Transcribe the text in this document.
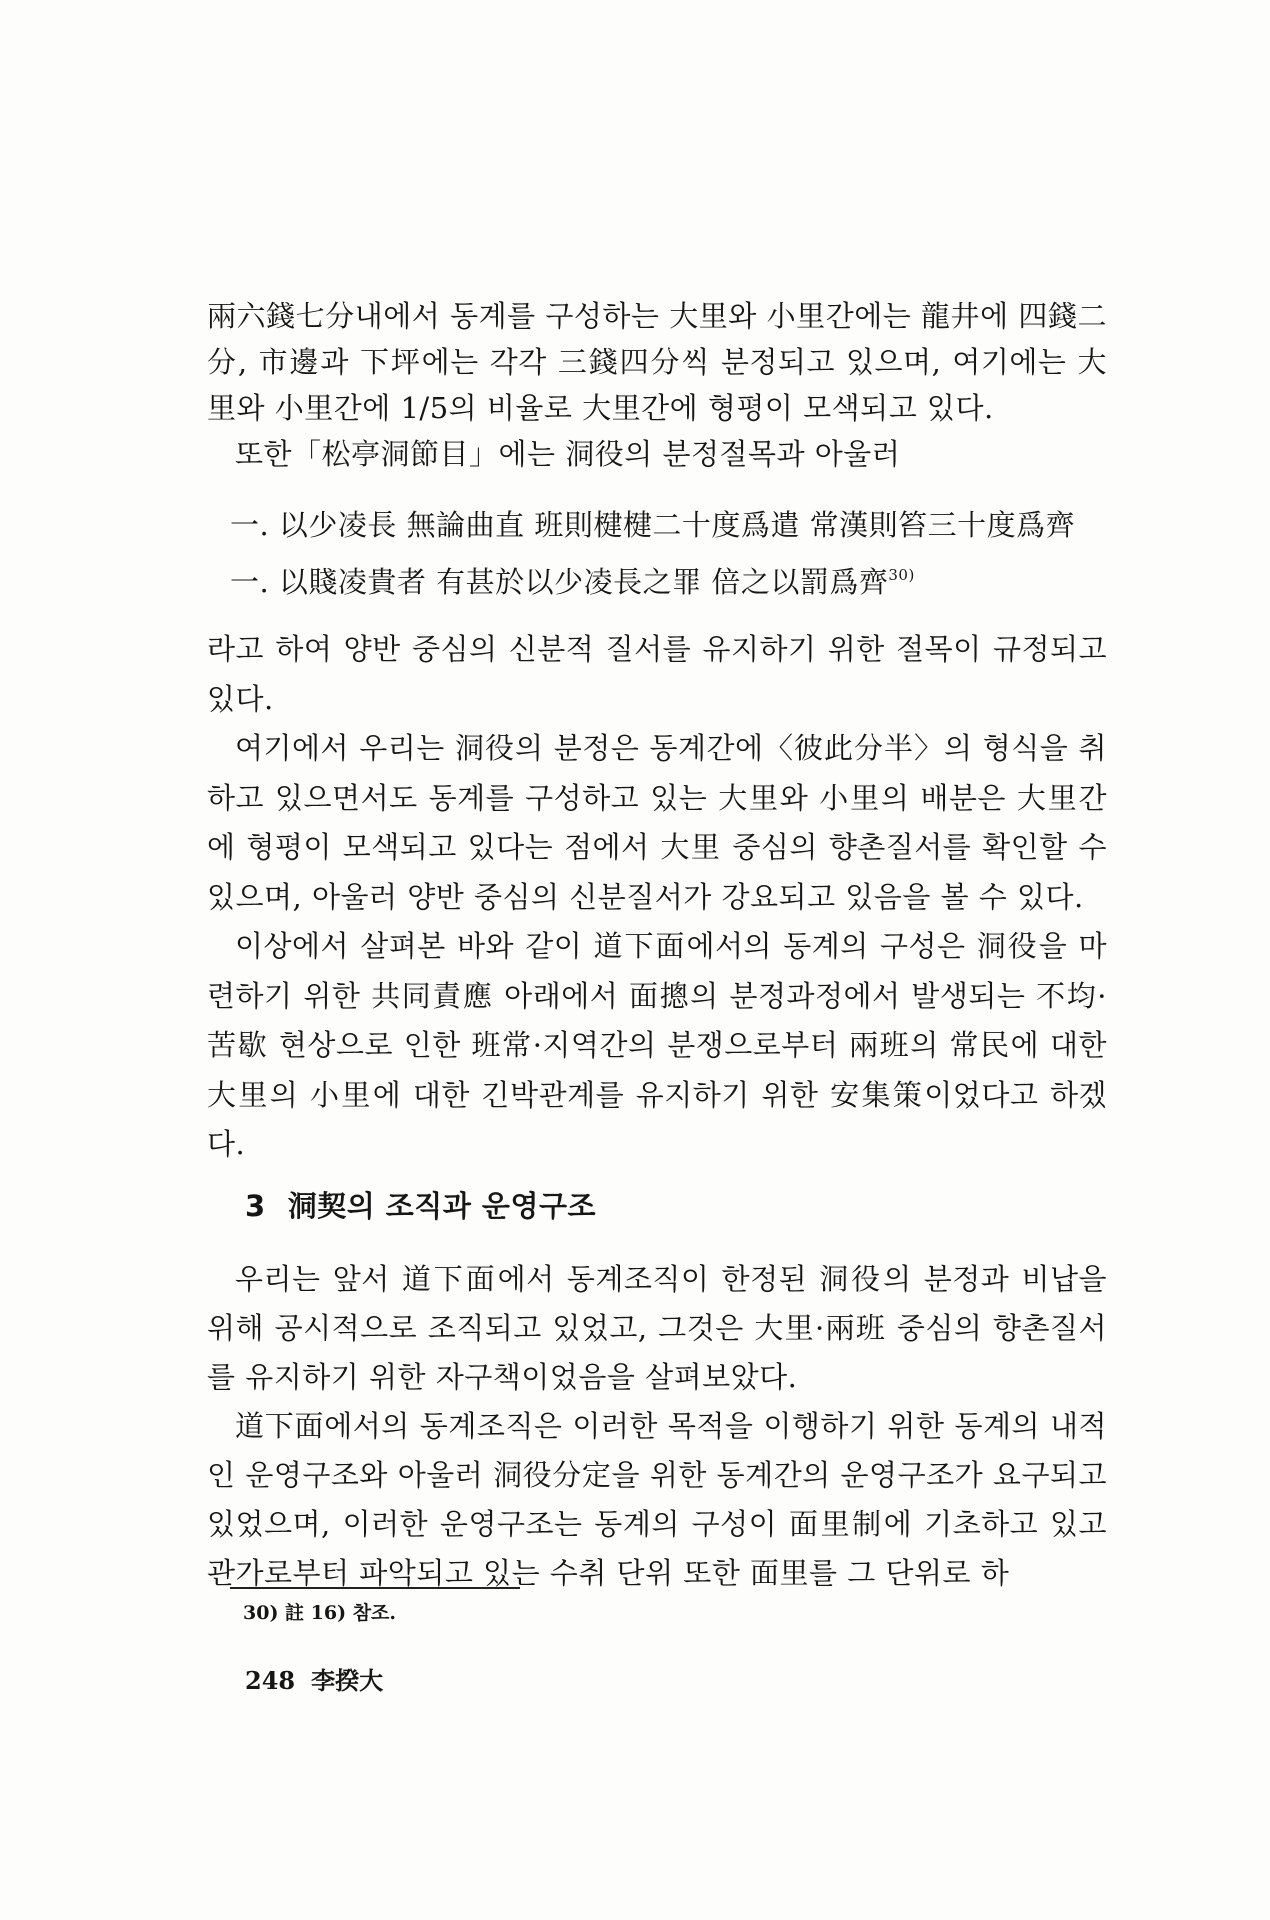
兩六錢七分내에서 동계를 구성하는 大里와 小里간에는 龍井에 四錢二分, 市邊과 下坪에는 각각 三錢四分씩 분정되고 있으며, 여기에는 大里와 小里간에 1/5의 비율로 大里간에 형평이 모색되고 있다.

또한「松亭洞節目」에는 洞役의 분정절목과 아울러

一. 以少凌長 無論曲直 班則楗楗二十度爲遣 常漢則笞三十度爲齊
一. 以賤凌貴者 有甚於以少凌長之罪 倍之以罰爲齊$^{30)}$

라고 하여 양반 중심의 신분적 질서를 유지하기 위한 절목이 규정되고 있다.

여기에서 우리는 洞役의 분정은 동계간에〈彼此分半〉의 형식을 취하고 있으면서도 동계를 구성하고 있는 大里와 小里의 배분은 大里간에 형평이 모색되고 있다는 점에서 大里 중심의 향촌질서를 확인할 수 있으며, 아울러 양반 중심의 신분질서가 강요되고 있음을 볼 수 있다.

이상에서 살펴본 바와 같이 道下面에서의 동계의 구성은 洞役을 마련하기 위한 共同責應 아래에서 面摠의 분정과정에서 발생되는 不均·苦歇 현상으로 인한 班常·지역간의 분쟁으로부터 兩班의 常民에 대한 大里의 小里에 대한 긴박관계를 유지하기 위한 安集策이었다고 하겠다.

3 洞契의 조직과 운영구조

우리는 앞서 道下面에서 동계조직이 한정된 洞役의 분정과 비납을 위해 공시적으로 조직되고 있었고, 그것은 大里·兩班 중심의 향촌질서를 유지하기 위한 자구책이었음을 살펴보았다.

道下面에서의 동계조직은 이러한 목적을 이행하기 위한 동계의 내적인 운영구조와 아울러 洞役分定을 위한 동계간의 운영구조가 요구되고 있었으며, 이러한 운영구조는 동계의 구성이 面里制에 기초하고 있고 관가로부터 파악되고 있는 수취 단위 또한 面里를 그 단위로 하

30) 註 16) 참조.
248 李揆大
